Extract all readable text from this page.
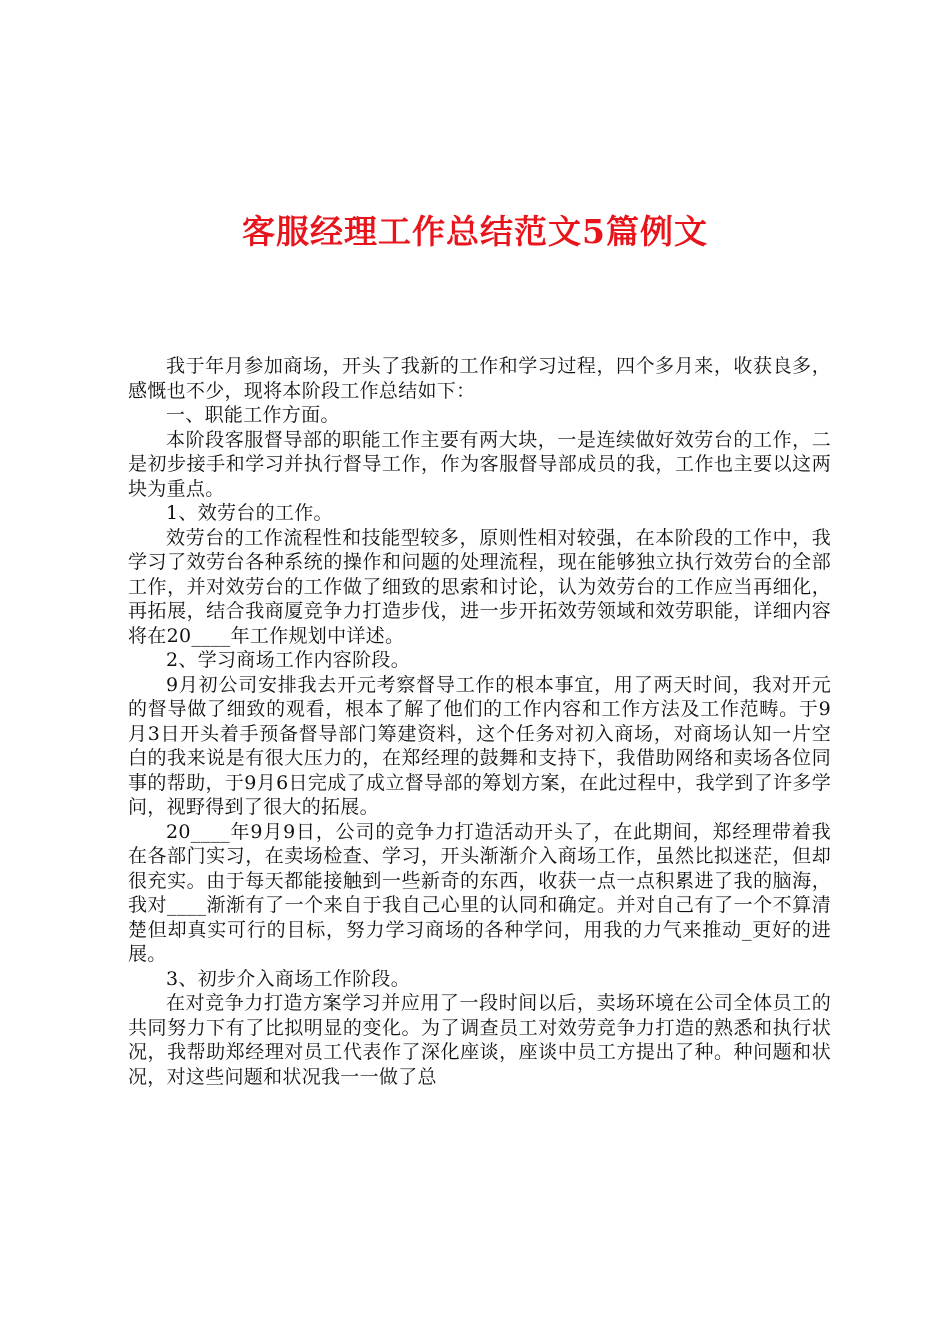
客服经理工作总结范文5篇例文

我于年月参加商场，开头了我新的工作和学习过程，四个多月来，收获良多，感慨也不少，现将本阶段工作总结如下：

一、职能工作方面。

本阶段客服督导部的职能工作主要有两大块，一是连续做好效劳台的工作，二是初步接手和学习并执行督导工作，作为客服督导部成员的我，工作也主要以这两块为重点。

1、效劳台的工作。

效劳台的工作流程性和技能型较多，原则性相对较强，在本阶段的工作中，我学习了效劳台各种系统的操作和问题的处理流程，现在能够独立执行效劳台的全部工作，并对效劳台的工作做了细致的思索和讨论，认为效劳台的工作应当再细化，再拓展，结合我商厦竞争力打造步伐，进一步开拓效劳领域和效劳职能，详细内容将在20____年工作规划中详述。

2、学习商场工作内容阶段。

9月初公司安排我去开元考察督导工作的根本事宜，用了两天时间，我对开元的督导做了细致的观看，根本了解了他们的工作内容和工作方法及工作范畴。于9月3日开头着手预备督导部门筹建资料，这个任务对初入商场，对商场认知一片空白的我来说是有很大压力的，在郑经理的鼓舞和支持下，我借助网络和卖场各位同事的帮助，于9月6日完成了成立督导部的筹划方案，在此过程中，我学到了许多学问，视野得到了很大的拓展。

20____年9月9日，公司的竞争力打造活动开头了，在此期间，郑经理带着我在各部门实习，在卖场检查、学习，开头渐渐介入商场工作，虽然比拟迷茫，但却很充实。由于每天都能接触到一些新奇的东西，收获一点一点积累进了我的脑海，我对____渐渐有了一个来自于我自己心里的认同和确定。并对自己有了一个不算清楚但却真实可行的目标，努力学习商场的各种学问，用我的力气来推动_更好的进展。

3、初步介入商场工作阶段。

在对竞争力打造方案学习并应用了一段时间以后，卖场环境在公司全体员工的共同努力下有了比拟明显的变化。为了调查员工对效劳竞争力打造的熟悉和执行状况，我帮助郑经理对员工代表作了深化座谈，座谈中员工方提出了种。种问题和状况，对这些问题和状况我一一做了总
